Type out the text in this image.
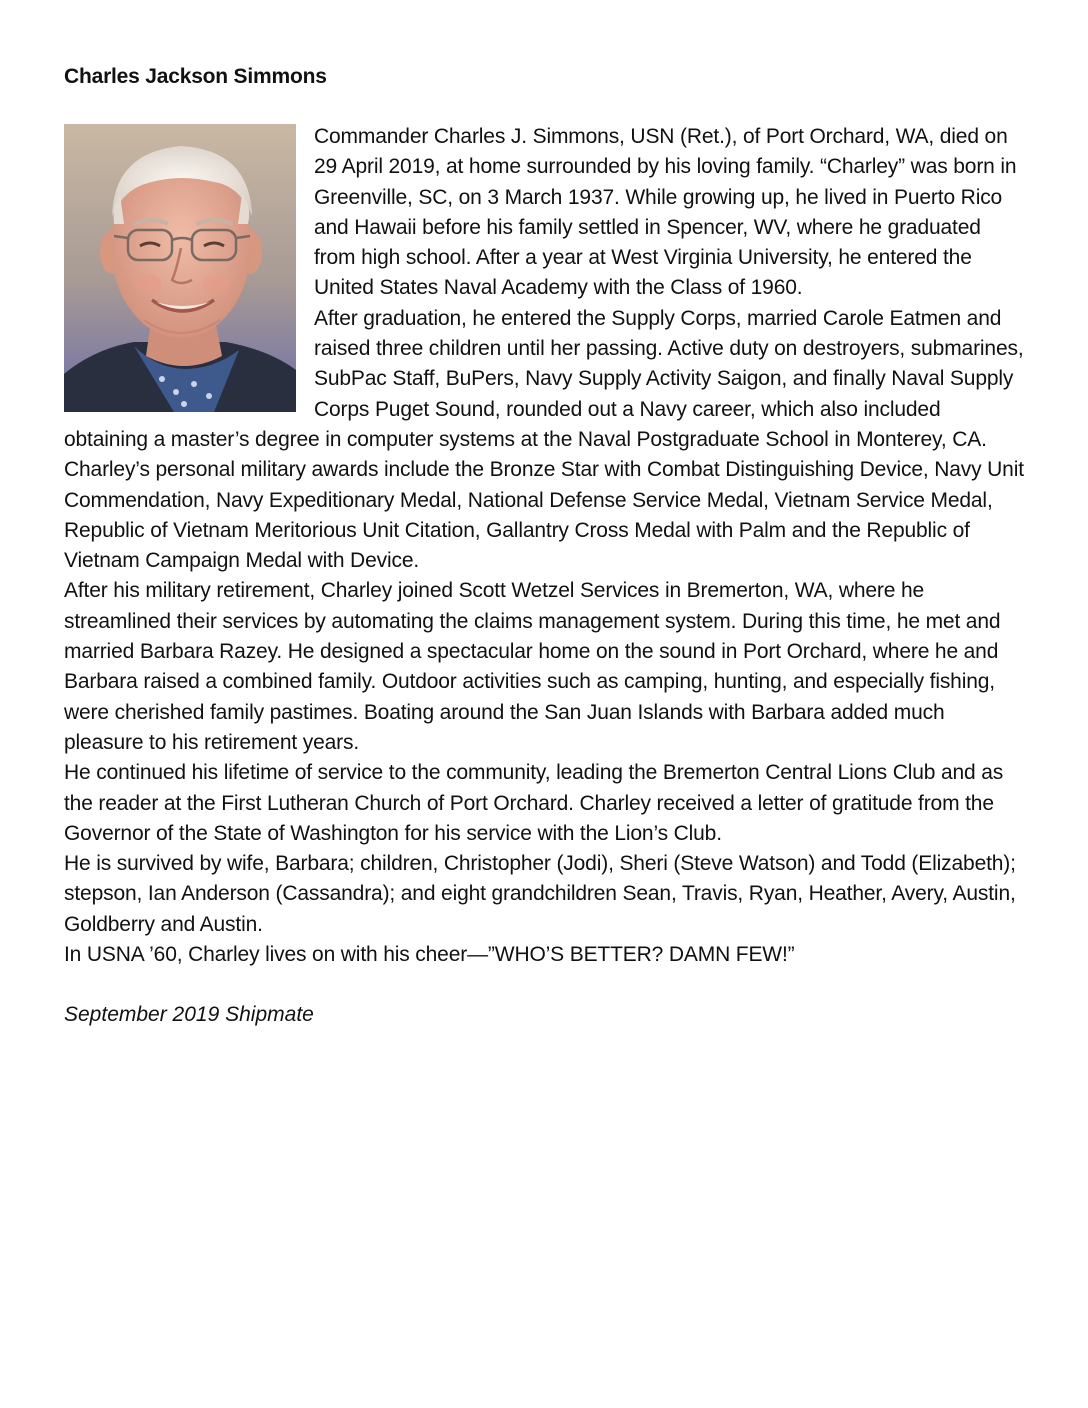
Charles Jackson Simmons

Commander Charles J. Simmons, USN (Ret.), of Port Orchard, WA, died on 29 April 2019, at home surrounded by his loving family. “Charley” was born in Greenville, SC, on 3 March 1937. While growing up, he lived in Puerto Rico and Hawaii before his family settled in Spencer, WV, where he graduated from high school. After a year at West Virginia University, he entered the United States Naval Academy with the Class of 1960.

After graduation, he entered the Supply Corps, married Carole Eatmen and raised three children until her passing. Active duty on destroyers, submarines, SubPac Staff, BuPers, Navy Supply Activity Saigon, and finally Naval Supply Corps Puget Sound, rounded out a Navy career, which also included obtaining a master’s degree in computer systems at the Naval Postgraduate School in Monterey, CA.

Charley’s personal military awards include the Bronze Star with Combat Distinguishing Device, Navy Unit Commendation, Navy Expeditionary Medal, National Defense Service Medal, Vietnam Service Medal, Republic of Vietnam Meritorious Unit Citation, Gallantry Cross Medal with Palm and the Republic of Vietnam Campaign Medal with Device.

After his military retirement, Charley joined Scott Wetzel Services in Bremerton, WA, where he streamlined their services by automating the claims management system. During this time, he met and married Barbara Razey. He designed a spectacular home on the sound in Port Orchard, where he and Barbara raised a combined family. Outdoor activities such as camping, hunting, and especially fishing, were cherished family pastimes. Boating around the San Juan Islands with Barbara added much pleasure to his retirement years.

He continued his lifetime of service to the community, leading the Bremerton Central Lions Club and as the reader at the First Lutheran Church of Port Orchard. Charley received a letter of gratitude from the Governor of the State of Washington for his service with the Lion’s Club.

He is survived by wife, Barbara; children, Christopher (Jodi), Sheri (Steve Watson) and Todd (Elizabeth); stepson, Ian Anderson (Cassandra); and eight grandchildren Sean, Travis, Ryan, Heather, Avery, Austin, Goldberry and Austin.

In USNA ’60, Charley lives on with his cheer—”WHO’S BETTER? DAMN FEW!”

September 2019 Shipmate
